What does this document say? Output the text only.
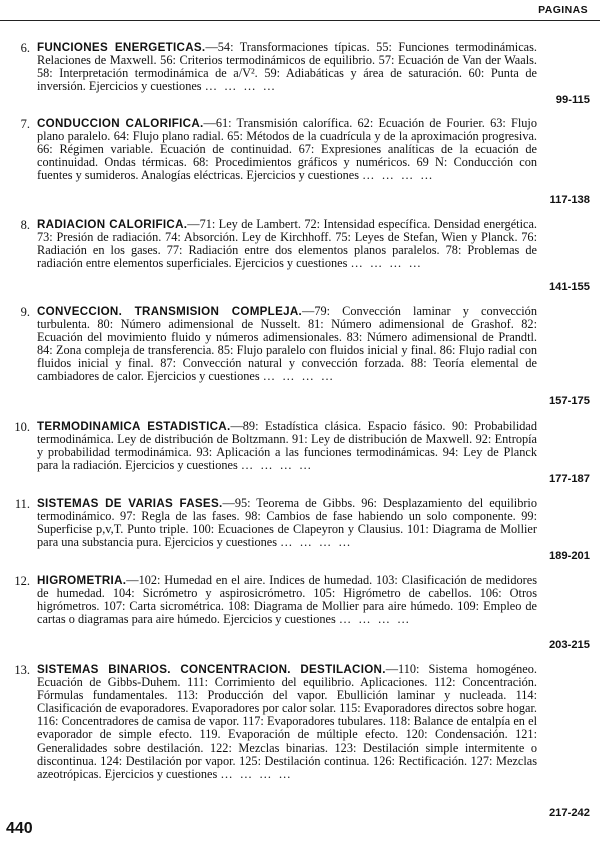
PAGINAS
6. FUNCIONES ENERGETICAS.—54: Transformaciones típicas. 55: Funciones termodinámicas. Relaciones de Maxwell. 56: Criterios termodinámicos de equilibrio. 57: Ecuación de Van der Waals. 58: Interpretación termodinámica de a/V². 59: Adiabáticas y área de saturación. 60: Punta de inversión. Ejercicios y cuestiones … … … …
99-115
7. CONDUCCION CALORIFICA.—61: Transmisión calorífica. 62: Ecuación de Fourier. 63: Flujo plano paralelo. 64: Flujo plano radial. 65: Métodos de la cuadrícula y de la aproximación progresiva. 66: Régimen variable. Ecuación de continuidad. 67: Expresiones analíticas de la ecuación de continuidad. Ondas térmicas. 68: Procedimientos gráficos y numéricos. 69 N: Conducción con fuentes y sumideros. Analogías eléctricas. Ejercicios y cuestiones … … … …
117-138
8. RADIACION CALORIFICA.—71: Ley de Lambert. 72: Intensidad específica. Densidad energética. 73: Presión de radiación. 74: Absorción. Ley de Kirchhoff. 75: Leyes de Stefan, Wien y Planck. 76: Radiación en los gases. 77: Radiación entre dos elementos planos paralelos. 78: Problemas de radiación entre elementos superficiales. Ejercicios y cuestiones … … … …
141-155
9. CONVECCION. TRANSMISION COMPLEJA.—79: Convección laminar y convección turbulenta. 80: Número adimensional de Nusselt. 81: Número adimensional de Grashof. 82: Ecuación del movimiento fluido y números adimensionales. 83: Número adimensional de Prandtl. 84: Zona compleja de transferencia. 85: Flujo paralelo con fluidos inicial y final. 86: Flujo radial con fluidos inicial y final. 87: Convección natural y convección forzada. 88: Teoría elemental de cambiadores de calor. Ejercicios y cuestiones … … … …
157-175
10. TERMODINAMICA ESTADISTICA.—89: Estadística clásica. Espacio fásico. 90: Probabilidad termodinámica. Ley de distribución de Boltzmann. 91: Ley de distribución de Maxwell. 92: Entropía y probabilidad termodinámica. 93: Aplicación a las funciones termodinámicas. 94: Ley de Planck para la radiación. Ejercicios y cuestiones … … … …
177-187
11. SISTEMAS DE VARIAS FASES.—95: Teorema de Gibbs. 96: Desplazamiento del equilibrio termodinámico. 97: Regla de las fases. 98: Cambios de fase habiendo un solo componente. 99: Superficise p,v,T. Punto triple. 100: Ecuaciones de Clapeyron y Clausius. 101: Diagrama de Mollier para una substancia pura. Ejercicios y cuestiones … … … …
189-201
12. HIGROMETRIA.—102: Humedad en el aire. Indices de humedad. 103: Clasificación de medidores de humedad. 104: Sicrómetro y aspirosicrómetro. 105: Higrómetro de cabellos. 106: Otros higrómetros. 107: Carta sicrométrica. 108: Diagrama de Mollier para aire húmedo. 109: Empleo de cartas o diagramas para aire húmedo. Ejercicios y cuestiones … … … …
203-215
13. SISTEMAS BINARIOS. CONCENTRACION. DESTILACION.—110: Sistema homogéneo. Ecuación de Gibbs-Duhem. 111: Corrimiento del equilibrio. Aplicaciones. 112: Concentración. Fórmulas fundamentales. 113: Producción del vapor. Ebullición laminar y nucleada. 114: Clasificación de evaporadores. Evaporadores por calor solar. 115: Evaporadores directos sobre hogar. 116: Concentradores de camisa de vapor. 117: Evaporadores tubulares. 118: Balance de entalpía en el evaporador de simple efecto. 119. Evaporación de múltiple efecto. 120: Condensación. 121: Generalidades sobre destilación. 122: Mezclas binarias. 123: Destilación simple intermitente o discontinua. 124: Destilación por vapor. 125: Destilación continua. 126: Rectificación. 127: Mezclas azeotrópicas. Ejercicios y cuestiones … … … …
217-242
440
